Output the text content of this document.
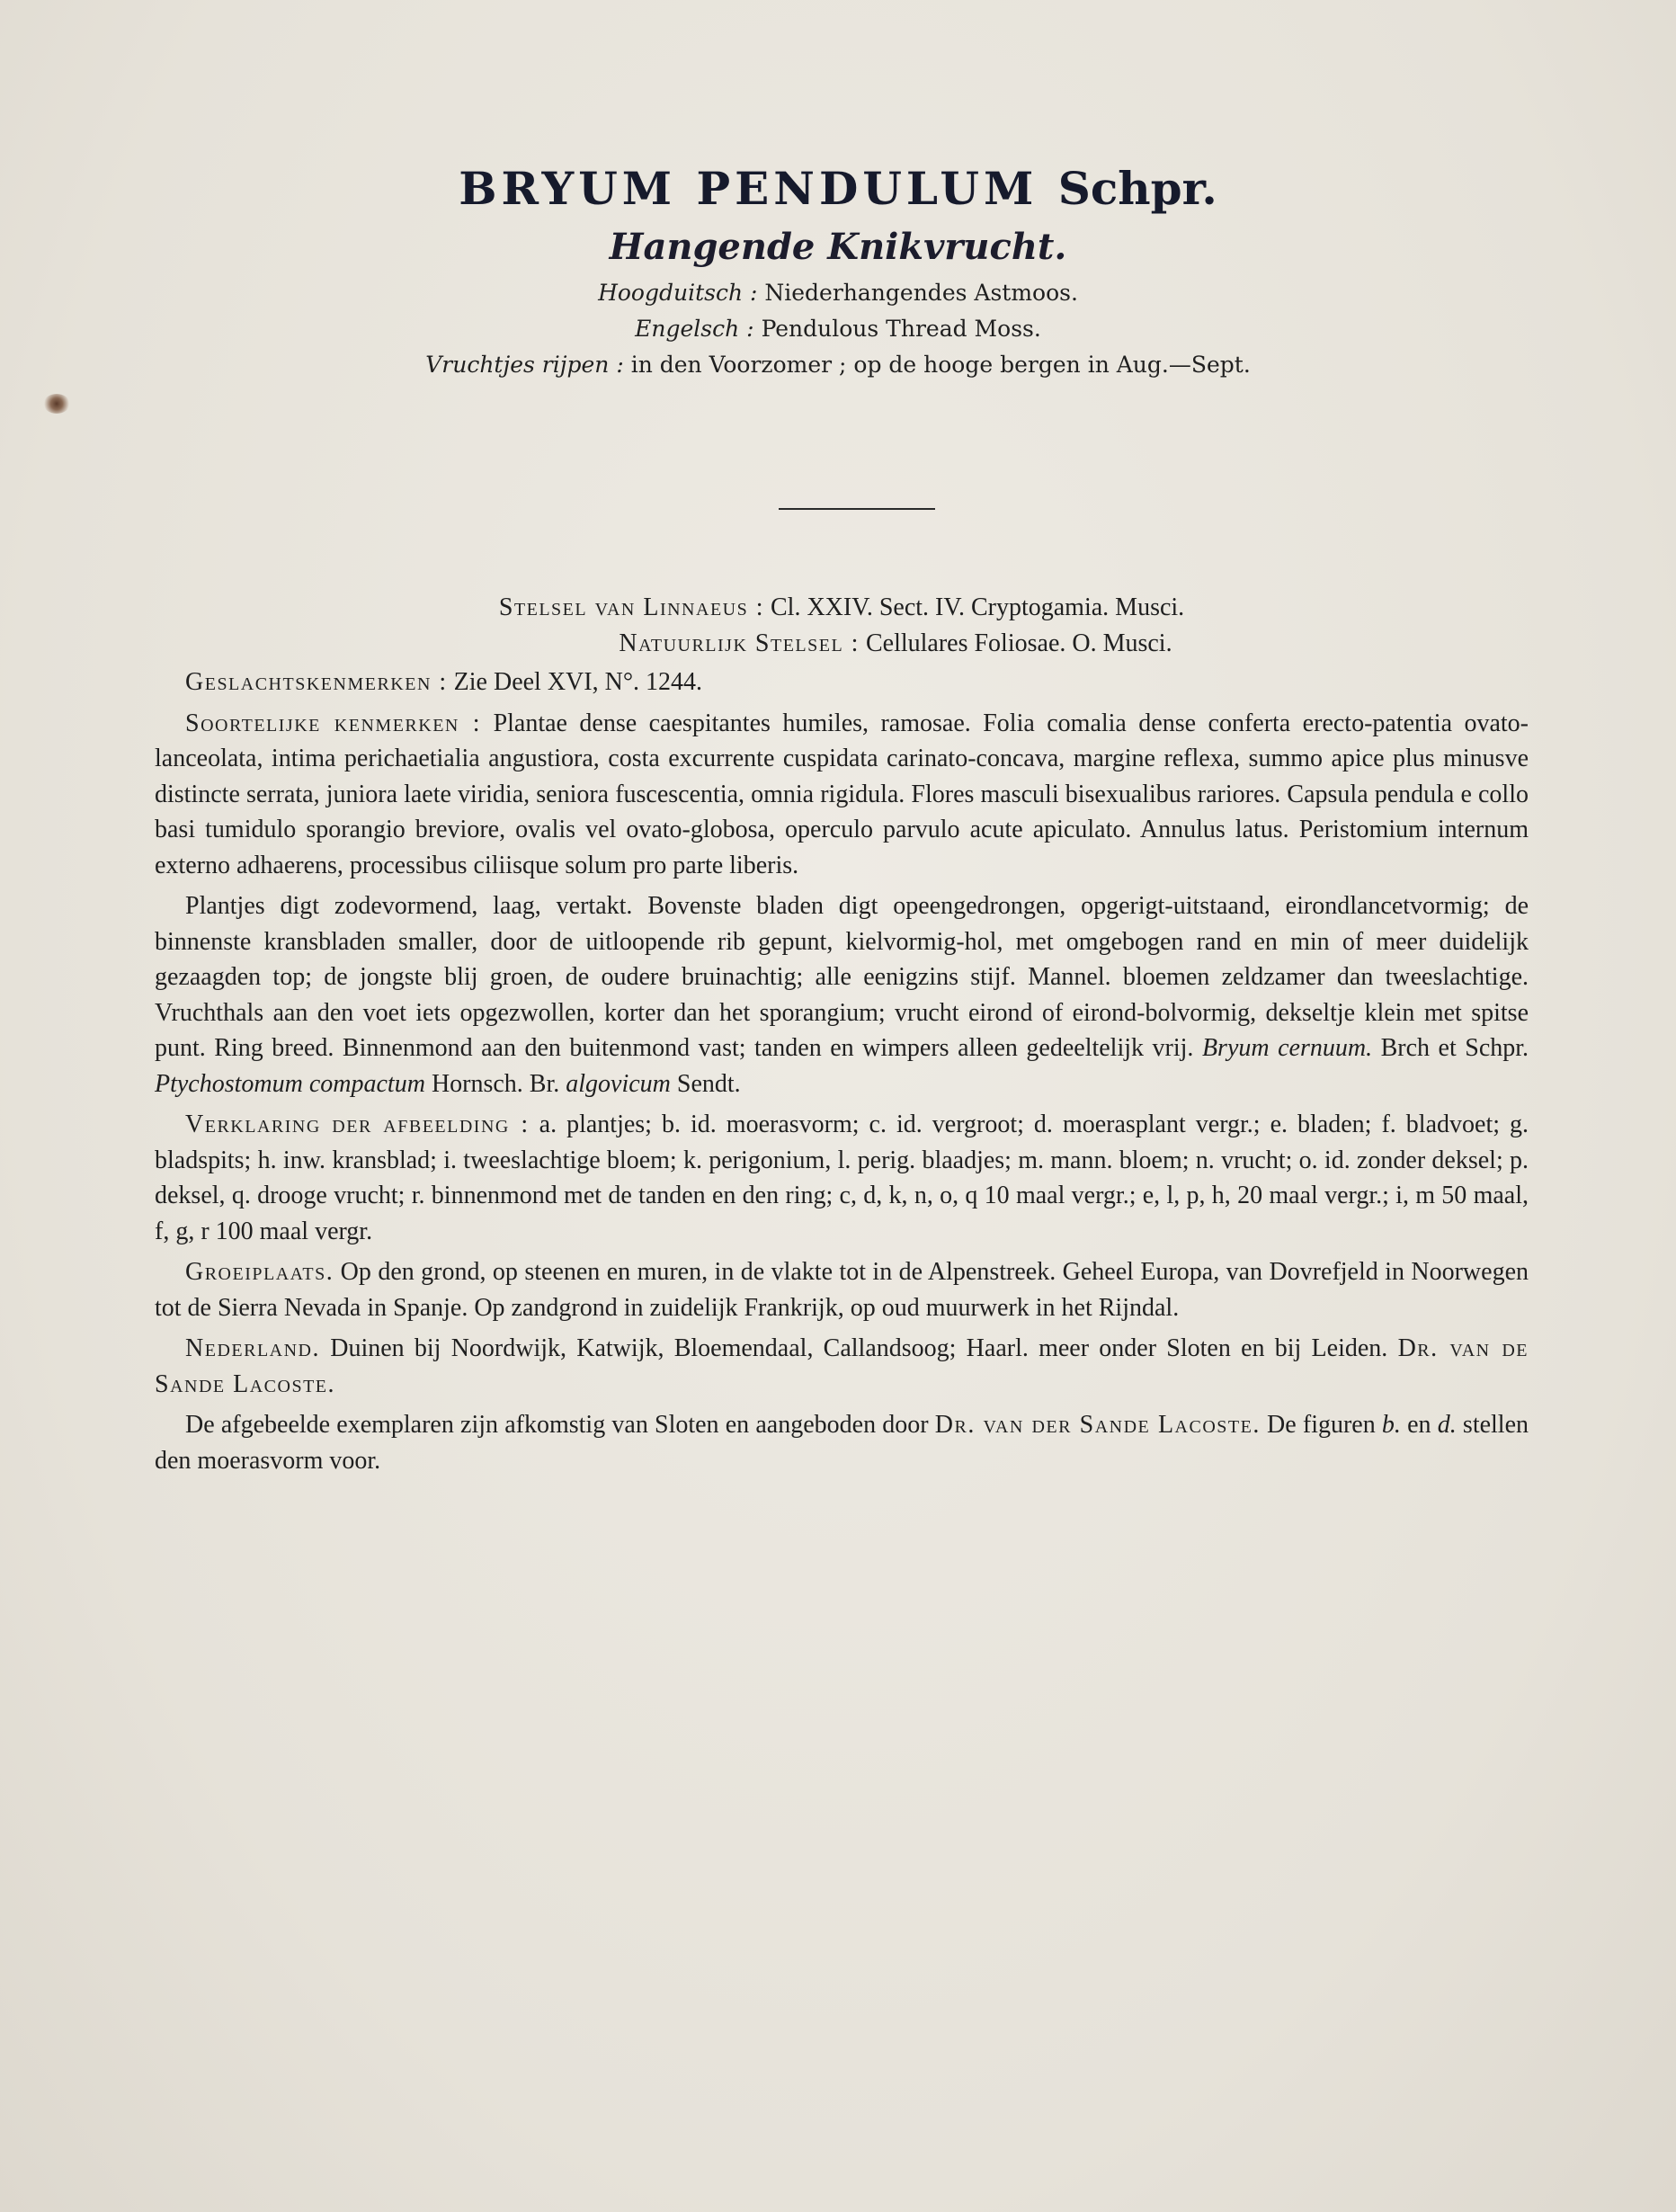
BRYUM PENDULUM Schpr.
Hangende Knikvrucht.
Hoogduitsch : Niederhangendes Astmoos.
Engelsch : Pendulous Thread Moss.
Vruchtjes rijpen : in den Voorzomer ; op de hooge bergen in Aug.—Sept.
Stelsel van Linnaeus : Cl. XXIV. Sect. IV. Cryptogamia. Musci.
Natuurlijk Stelsel : Cellulares Foliosae. O. Musci.

Geslachtskenmerken : Zie Deel XVI, N°. 1244.

Soortelijke kenmerken : Plantae dense caespitantes humiles, ramosae. Folia comalia dense conferta erecto-patentia ovato-lanceolata, intima perichaetialia angustiora, costa excurrente cuspidata carinato-concava, margine reflexa, summo apice plus minusve distincte serrata, juniora laete viridia, seniora fuscescentia, omnia rigidula. Flores masculi bisexualibus rariores. Capsula pendula e collo basi tumidulo sporangio breviore, ovalis vel ovato-globosa, operculo parvulo acute apiculato. Annulus latus. Peristomium internum externo adhaerens, processibus ciliisque solum pro parte liberis.

Plantjes digt zodevormend, laag, vertakt. Bovenste bladen digt opeengedrongen, opgerigt-uitstaand, eirondlancetvormig; de binnenste kransbladen smaller, door de uitloopende rib gepunt, kielvormig-hol, met omgebogen rand en min of meer duidelijk gezaagden top; de jongste blij groen, de oudere bruinachtig; alle eenigzins stijf. Mannel. bloemen zeldzamer dan tweeslachtige. Vruchthals aan den voet iets opgezwollen, korter dan het sporangium; vrucht eirond of eirond-bolvormig, dekseltje klein met spitse punt. Ring breed. Binnenmond aan den buitenmond vast; tanden en wimpers alleen gedeeltelijk vrij. Bryum cernuum. Brch et Schpr. Ptychostomum compactum Hornsch. Br. algovicum Sendt.

Verklaring der afbeelding : a. plantjes; b. id. moerasvorm; c. id. vergroot; d. moerasplant vergr.; e. bladen; f. bladvoet; g. bladspits; h. inw. kransblad; i. tweeslachtige bloem; k. perigonium, l. perig. blaadjes; m. mann. bloem; n. vrucht; o. id. zonder deksel; p. deksel, q. drooge vrucht; r. binnenmond met de tanden en den ring; c, d, k, n, o, q 10 maal vergr.; e, l, p, h, 20 maal vergr.; i, m 50 maal, f, g, r 100 maal vergr.

Groeiplaats. Op den grond, op steenen en muren, in de vlakte tot in de Alpenstreek. Geheel Europa, van Dovrefjeld in Noorwegen tot de Sierra Nevada in Spanje. Op zandgrond in zuidelijk Frankrijk, op oud muurwerk in het Rijndal.

Nederland. Duinen bij Noordwijk, Katwijk, Bloemendaal, Callandsoog; Haarl. meer onder Sloten en bij Leiden. Dr. van de Sande Lacoste.

De afgebeelde exemplaren zijn afkomstig van Sloten en aangeboden door Dr. van der Sande Lacoste. De figuren b. en d. stellen den moerasvorm voor.
